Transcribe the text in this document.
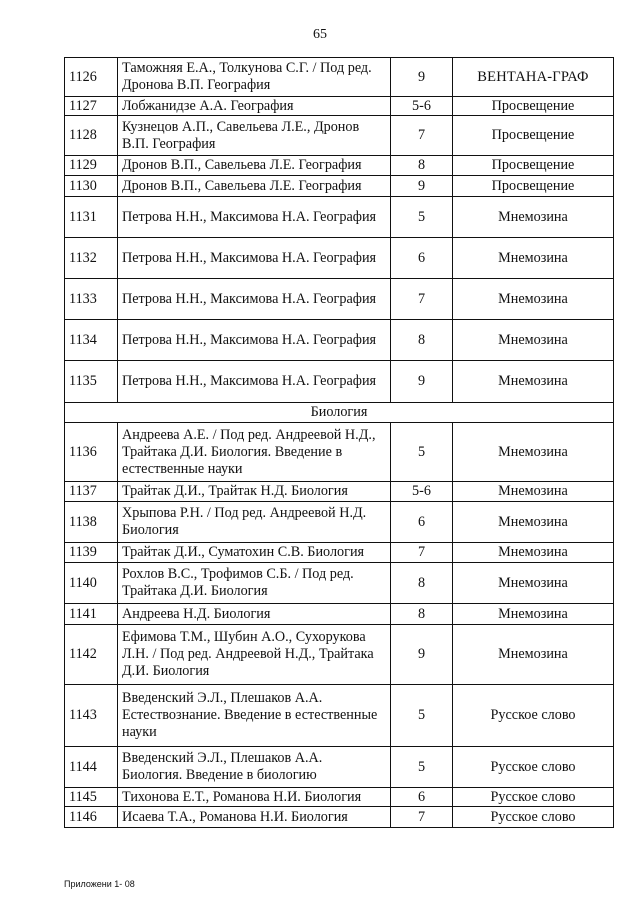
65
1126	Таможняя Е.А., Толкунова С.Г. / Под ред. Дронова В.П. География	9	ВЕНТАНА-ГРАФ
1127	Лобжанидзе А.А. География	5-6	Просвещение
1128	Кузнецов А.П., Савельева Л.Е., Дронов В.П. География	7	Просвещение
1129	Дронов В.П., Савельева Л.Е. География	8	Просвещение
1130	Дронов В.П., Савельева Л.Е. География	9	Просвещение
1131	Петрова Н.Н., Максимова Н.А. География	5	Мнемозина
1132	Петрова Н.Н., Максимова Н.А. География	6	Мнемозина
1133	Петрова Н.Н., Максимова Н.А. География	7	Мнемозина
1134	Петрова Н.Н., Максимова Н.А. География	8	Мнемозина
1135	Петрова Н.Н., Максимова Н.А. География	9	Мнемозина
Биология			
1136	Андреева А.Е. / Под ред. Андреевой Н.Д., Трайтака Д.И. Биология. Введение в естественные науки	5	Мнемозина
1137	Трайтак Д.И., Трайтак Н.Д. Биология	5-6	Мнемозина
1138	Хрыпова Р.Н. / Под ред. Андреевой Н.Д. Биология	6	Мнемозина
1139	Трайтак Д.И., Суматохин С.В. Биология	7	Мнемозина
1140	Рохлов В.С., Трофимов С.Б. / Под ред. Трайтака Д.И. Биология	8	Мнемозина
1141	Андреева Н.Д. Биология	8	Мнемозина
1142	Ефимова Т.М., Шубин А.О., Сухорукова Л.Н. / Под ред. Андреевой Н.Д., Трайтака Д.И. Биология	9	Мнемозина
1143	Введенский Э.Л., Плешаков А.А. Естествознание. Введение в естественные науки	5	Русское слово
1144	Введенский Э.Л., Плешаков А.А. Биология. Введение в биологию	5	Русское слово
1145	Тихонова Е.Т., Романова Н.И. Биология	6	Русское слово
1146	Исаева Т.А., Романова Н.И. Биология	7	Русское слово
Приложени 1- 08
